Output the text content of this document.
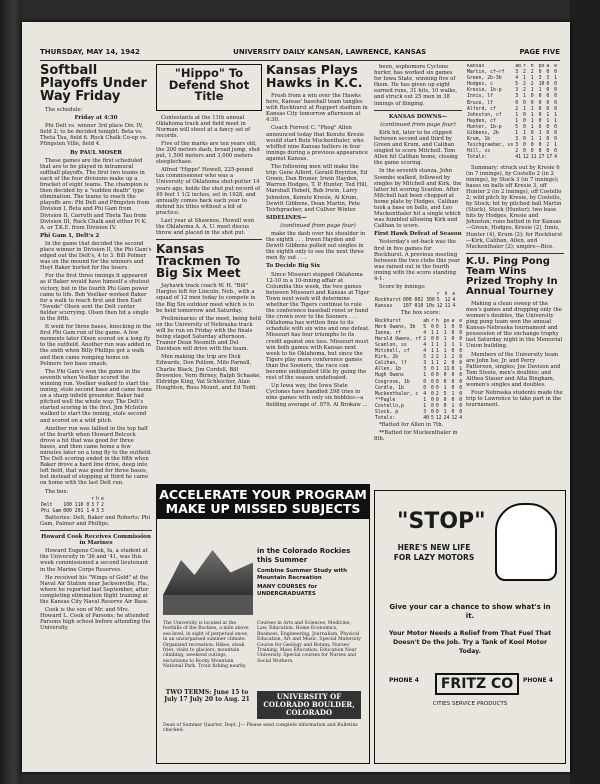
THURSDAY, MAY 14, 1942	UNIVERSITY DAILY KANSAN, LAWRENCE, KANSAS	PAGE FIVE
Softball Playoffs Under Way Friday

The schedule:

Friday at 4:30

Phi Delt vs. winner 3rd place Div. IV, field 2; to be decided tonight; Beta vs. Theta Tau, field 6. Rock Chalk Co-op vs. Pfingsten Ville, field 4.

By PAUL MOSER

These games are the first scheduled that are to be played in intramural softball playoffs. The first two teams in each of the four divisions make up a bracket of eight teams. The champion is then decided by a "sudden death" type elimination. The teams to reach the playoffs are: Phi Delt and Pfingsten from Division I, Beta and Phi Gam from Division II, Carruth and Theta Tau from Division III, Rock Chalk and either Pi K. A. or T.K.E. from Division IV.

Phi Gam 1, Delt's 2

In the game that decided the second place winner in Division II, the Phi Gam's edged out the Delt's, 4 to 3. Bill Polmer was on the mound for the winners and Hoyt Baker hurled for the losers.

For the first three innings it appeared as if Baker would have himself a shutout victory, but in the fourth Phi Gam power came to life. Bob Voelker worked Baker for a walk to reach first and then Earl "Swede" Olsen sent the Delt center fielder scurrying. Olsen then hit a single in the fifth.

It went for three bases, knocking in the first Phi Gam run of the game. A few moments later Olsen scored on a long fly to the outfield. Another run was added in the sixth when Billy Phillips got a walk and then came romping home on Polmers two base smash.

The Phi Gam's won the game in the seventh when Voelker scored the winning run. Voelker walked to start the inning, stole second base and came home on a sharp infield grounder. Baker had pitched well the whole way. The Delt's started scoring in the first. Jim McIntire walked to start the inning, stole second and scored on a wild pitch.

Another run was tallied in the top half of the fourth when Howard Belcock drove a hit that was good for three bases, and then came home a few minutes later on a long fly to the outfield. The Delt scoring ended in the fifth when Baker drove a hard line drive, deep into left field, that was good for three bases, but instead of stopping at third he came on home with the last Delt run.

The box:

		r	h	e
Delt	100 110 0	3	7	2
Phi Gam	000 201 1	4	3	3

Batteries: Delt, Baker and Roberts; Phi Gam, Palmer and Phillips.

Howard Cook Receives Commission in Marines

Howard Eugene Cook, fa, a student at the University in '36 and '41, was this week commissioned a second lieutenant in the Marine Corps Reserves.

He received his "Wings of Gold" at the Naval Air Station near Jacksonville, Fla., where he reported last September, after completing elimination flight training at the Kansas City Naval Reserve Air Base.

Cook is the son of Mr. and Mrs. Howard L. Cook of Parsons; he attended Parsons high school before attending the University.

"Hippo" To Defend Shot Title

Contestants at the 11th annual Oklahoma track and field meet in Norman will shoot at a fancy set of records.

Five of the marks are ten years old, the 200 meters dash, broad jump, shot put, 1,500 meters and 3,000 meters steeplechase.

Alfred "Hippo" Howell, 225-pound tax commissioner who was a University of Oklahoma shot-putter 14 years ago, holds the shot put record of 49 feet 1 1/2 inches, set in 1928, and annually comes back each year to defend his titles without a bit of practice.

Last year at Shawnee, Howell won the Oklahoma A. A. U. meet discus throw and placed in the shot put.

Kansas Trackmen To Big Six Meet

Jayhawk track coach W. H. "Bill" Hargiss left for Lincoln, Neb., with a squad of 12 men today to compete in the Big Six outdoor meet which is to be held tomorrow and Saturday.

Preliminaries of the meet, being held on the University of Nebraska track will be run on Friday with the finals being staged Saturday afternoon. Trainer Dean Nesmith and Del Davidson will drive with the team.

Men making the trip are Dick Edwards, Don Pollom, Milo Parnell, Charlie Black, Jim Cordell, Bill Brownlee, Vern Birney, Ralph Schaake, Eldridge King, Val Schleicher, Alan Houghton, Russ Mount, and Ed Todd.

Kansas Plays Hawks in K.C.

Fresh from a win over the Hawks here, Kansas' baseball team tangles with Rockhurst at Ruppert stadium in Kansas City tomorrow afternoon at 4:30.

Coach Forrest C. "Phog" Allen announced today that Kenute Kresie would start Butz Muckenthaler, who whiffed nine Kansas batters in four innings during a previous appearance against Kansas.

The following men will make the trip: Gene Alford, Gerald Boynton, Ed Green, Dan Bruner, Irwin Hayden, Warren Hodges, T. P. Hunter, Ted Hill, Marshall Hobelt, Bob Irwin, Larry Johnston, Kenute Kresie, Al Krum, Dewitt Gibbens, Dean Martin, Pete Teichgraeber, and Cullver Winter.

SIDELINES—
(continued from page four)

make the dash over his shoulder in the eighth . . . Irwen Hayden and Dewitt Gibbens pulled out singles in the eighth only to see the next three men fly out . . .

To Decide Big Six

Since Missouri stopped Oklahoma 12-10 in a 10-inning affair at Columbia this week, the two games between Missouri and Kansas at Tiger Town next week will determine whether the Tigers continue to rule the conference baseball roost or hand the crown over to the Sooners . . . Oklahoma has written finis to its schedule with six wins and one defeat. Missouri has four triumphs to its credit against one loss. Missouri must win both games with Kansas next week to tie Oklahoma, but since the Tigers play more conference games than the Sooners, the race can become undisputed title by going the rest of the season undefeated.

Up Iowa way, the Iowa State Cyclones have handled 298 tries in nine games with only six bobbles—a fielding average of .979. Al Brokaw ...

been, sophomore Cyclone hurler, has worked six games for Iowa State, winning five of them. He has given up eight earned runs, 31 hits, 10 walks, and struck out 25 men in 38 innings of flinging.

KANSAS DOWNS—
(continued from page four)

Kirk hit, later to be clipped between second and third by Green and Krum, and Calihan singled to score Mitchell. Tom Allen hit Calihan home, closing the game scoring.

In the seventh stanza, John Soombs walked, followed by singles by Mitchell and Kirk, the latter hit scoring Scanlon. After Mitchell had been chopped at home plate by Hodges, Calihan took a base on balls, and Leo Muckenthaler hit a single which was fumbled allowing Kirk and Calihan to score.

First Hawk Defeat of Season

Yesterday's set-back was the first in five games for Rockhurst. A previous meeting between the two clubs this year was rained out in the fourth inning with the score standing 4-1.

Score by innings:

		r	h	e
Rockhurst	000 002 300	5	12	4
Kansas	107 010 10x	12	11	4

The box score:

Rockhurst	ab	r	h	po	a	e
Herb Owens, 3b	5	0	0	1	0	0
Ianna, rf	4	1	1	1	0	0
Harold Owens, rf	2	0	0	1	0	0
Scanlon, ss	4	1	1	1	1	1
Mitchell, cf	4	1	1	1	0	0
Kirk, 2b	5	2	2	1	2	0
Calihan, lf	3	1	1	2	0	0
Allen, 1b	3	0	1	11	0	1
Hugh Owens	1	0	0	0	0	0
Cosgrove, 1b	0	0	0	0	0	0
Cordle, 1b	0	0	0	1	0	0
Muckenthaler, c	4	0	2	5	1	0
**Pagle	1	0	0	0	0	0
Costello,p	1	0	0	0	1	0
Slock, p	3	0	0	1	0	0
Totals:	40	5	12	24	12	4

*Batted for Allen in 7th.

**Batted for Muckenthaler in 8th.

Kansas	ab	r	h	po	a	e
Martin, cf—rf	3	2	2	0	0	0
Green, 2b-3b	4	1	1	3	3	1
Hodges, c	5	2	2	10	0	0
Kresie, 1b-p	3	2	1	1	0	0
Innis, lf	3	1	0	0	0	0
Bruce, lf	0	0	0	0	0	0
Alford, cf	2	1	1	0	0	0
Johnston, cf	1	0	1	0	1	1
Hayden, cf	1	0	1	0	1	1
Hunter, 1b-p	5	0	1	6	0	0
Gibbens, 2b	1	1	0	1	0	0
Krum, 1b	3	0	1	1	0	0
Teichgraeber, ss	3	0	0	0	2	1
Hill, ss	2	0	0	0	0	0
Totals:	41	12	11	27	17	4

Summary: struck out by Kresie 6 (in 7 innings), by Costello 2 (in 2 innings), by Stock 3 (in 7 innings); bases on balls off Kresie 3, off Hunter 2 (in 2 innings), off Costello 2; wild pitch by Kresie, by Costello, by Stock; hit by pitched ball Martin (Stock), Stock (Hunter); two base hits by Hodges, Kresie and Johnston; runs batted in for Kansas—Green, Hodges, Kresie (2), Innis, Hunter (4), Krum (2); for Rockhurst—Kirk, Calihan, Allen, and Muckenthaler (2); umpire—Bice.

K.U. Ping Pong Team Wins Prized Trophy In Annual Tourney

Making a clean sweep of the men's games and dropping only the women's doubles, the University ping pong team won the annual Kansas-Nebraska tournament and possession of the exchange trophy last Saturday night in the Memorial Union building.

Members of the University team are John Ise, Jr. and Perry Patterson, singles; Joe Davison and Tom Steele, men's doubles; and Althea Stauer and Alta Bingham, women's singles and doubles.

Four Nebraska students made the trip to Lawrence to take part in the tournament.

ACCELERATE YOUR PROGRAM MAKE UP MISSED SUBJECTS
in the Colorado Rockies this Summer
Combine Summer Study with Mountain Recreation
MANY COURSES for UNDERGRADUATES
The University is located at the foothills of the Rockies, a mile above sea level, in sight of perpetual snow, in an unsurpassed summer climate. Organized recreation: Hikes, steak fries, visits to glaciers, mountain climbing, weekend outings, excursions to Rocky Mountain National Park. Trout fishing nearby.
Courses in Arts and Sciences, Medicine, Law, Education, Home Economics, Business, Engineering, Journalism, Physical Education, Art and Music. Special Maternity Course for Geology and Botany, Nurses' Training, Mass Education. Education Near University. Special courses for Nurses and Social Workers.
TWO TERMS: June 15 to July 17 July 20 to Aug. 21	UNIVERSITY OF COLORADO BOULDER, COLORADO
Dean of Summer Quarter, Dept. J— Please send complete information and Bulletins checked:
"STOP"
HERE'S NEW LIFE FOR LAZY MOTORS
Give your car a chance to show what's in it.
Your Motor Needs a Relief from That Fuel That Doesn't Do the Job. Try a Tank of Kool Motor Today.
PHONE 4	FRITZ CO	PHONE 4
CITIES SERVICE PRODUCTS
